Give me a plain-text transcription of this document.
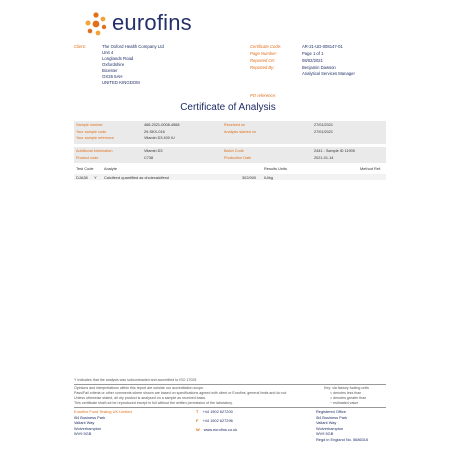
eurofins
Client:	The Oxford Health Company Ltd
Unit 4
Longlands Road
Oxfordshire
Bicester
OX26 5AH
UNITED KINGDOM
Certificate Code:	AR-21-UD-008147-01
Page Number:	Page 1 of 1
Reported On:	08/02/2021
Reported By:	Benjamin Dawson
Analytical Services Manager
PO reference:
Certificate of Analysis
Sample number	468-2021-0008-4568	Received on	27/01/2021
Your sample code	29-SKX-016	Analysis started on	27/01/2021
Your sample reference	Vitamin D3 400 IU
Additional information	Vitamin D3	Batch Code	2441 - Sample ID 11905
Product code	C738	Production Date	2021-01-14
Test Code	Analyte	Results Units	Method Ref.
DJA38 Y Calciferol quantified as cholecalciferol	302/000 IU/kg
Y Indicates that the analysis was subcontracted and accredited to ISO 17025
Opinions and interpretations within this report are outside our accreditation scope.
Pass/Fail criteria or other comments where shown are based on specifications agreed with client or Eurofins' general limits and do not
Unless otherwise stated, all dry product is analysed on a sample as received basis.
This certificate shall not be reproduced except in full without the written permission of the laboratory.
Key: via fastory footing units
< denotes less than
> denotes greater than
~ estimated value
Eurofins Food Testing UK Limited
i54 Business Park
Valiant Way
Wolverhampton
WV9 5GB
T +44 1902 627200
F +44 1902 627296
W www.eurofins.co.uk
Registered Office
i54 Business Park
Valiant Way
Wolverhampton
WV9 5GB
Regd in England No. 5686316
